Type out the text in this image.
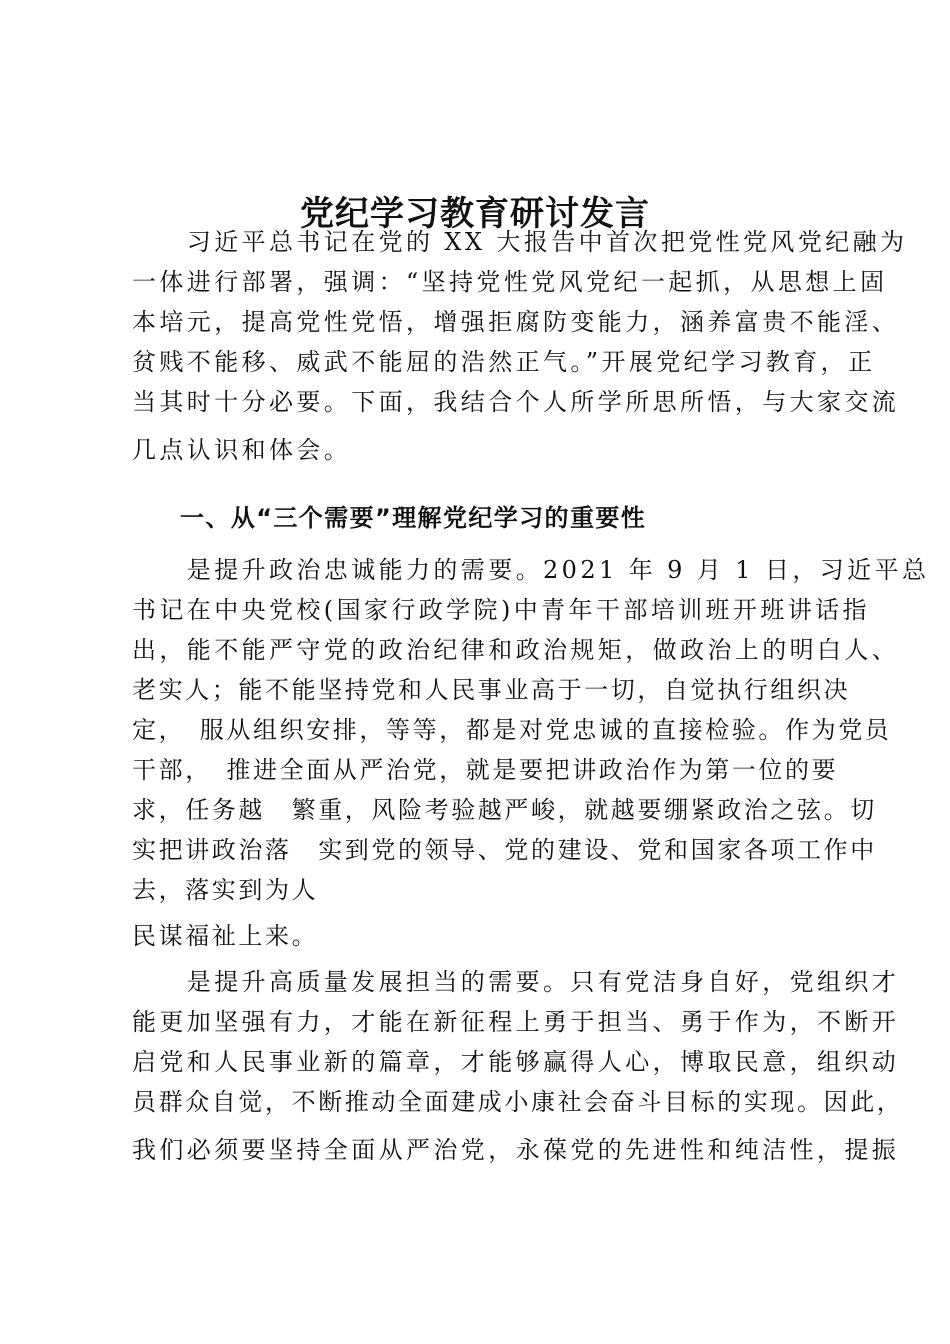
党纪学习教育研讨发言

　　习近平总书记在党的 XX 大报告中首次把党性党风党纪融为

一体进行部署，强调：“坚持党性党风党纪一起抓，从思想上固

本培元，提高党性党悟，增强拒腐防变能力，涵养富贵不能淫、

贫贱不能移、威武不能屈的浩然正气。”开展党纪学习教育，正

当其时十分必要。下面，我结合个人所学所思所悟，与大家交流

几点认识和体会。

一、从“三个需要”理解党纪学习的重要性

　　是提升政治忠诚能力的需要。2021 年 9 月 1 日，习近平总

书记在中央党校(国家行政学院)中青年干部培训班开班讲话指

出，能不能严守党的政治纪律和政治规矩，做政治上的明白人、

老实人；能不能坚持党和人民事业高于一切，自觉执行组织决

定，　服从组织安排，等等，都是对党忠诚的直接检验。作为党员

干部，　推进全面从严治党，就是要把讲政治作为第一位的要

求，任务越　繁重，风险考验越严峻，就越要绷紧政治之弦。切

实把讲政治落　实到党的领导、党的建设、党和国家各项工作中

去，落实到为人

民谋福祉上来。

　　是提升高质量发展担当的需要。只有党洁身自好，党组织才

能更加坚强有力，才能在新征程上勇于担当、勇于作为，不断开

启党和人民事业新的篇章，才能够赢得人心，博取民意，组织动

员群众自觉，不断推动全面建成小康社会奋斗目标的实现。因此，

我们必须要坚持全面从严治党，永葆党的先进性和纯洁性，提振
